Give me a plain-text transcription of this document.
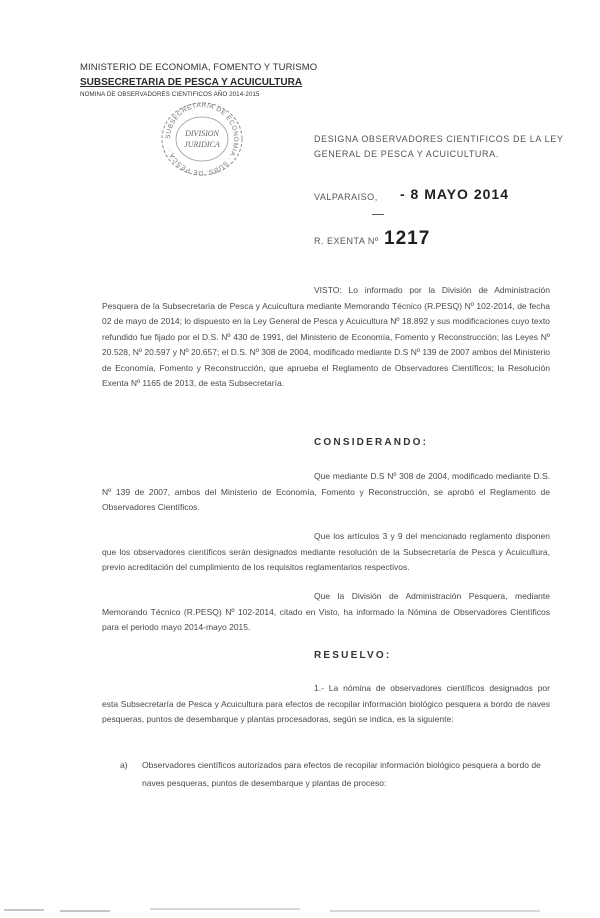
MINISTERIO DE ECONOMIA, FOMENTO Y TURISMO
SUBSECRETARIA DE PESCA Y ACUICULTURA
NOMINA DE OBSERVADORES CIENTIFICOS AÑO 2014-2015
SUBSECRETARIA DE ECONOMIA · SUBS. DE PESCA ·
DIVISION
JURIDICA
DESIGNA OBSERVADORES CIENTIFICOS DE LA LEY GENERAL DE PESCA Y ACUICULTURA.
VALPARAISO, - 8 MAYO 2014
R. EXENTA Nº 1217

VISTO: Lo informado por la División de Administración Pesquera de la Subsecretaría de Pesca y Acuicultura mediante Memorando Técnico (R.PESQ) Nº 102-2014, de fecha 02 de mayo de 2014; lo dispuesto en la Ley General de Pesca y Acuicultura Nº 18.892 y sus modificaciones cuyo texto refundido fue fijado por el D.S. Nº 430 de 1991, del Ministerio de Economía, Fomento y Reconstrucción; las Leyes Nº 20.528, Nº 20.597 y Nº 20.657; el D.S. Nº 308 de 2004, modificado mediante D.S Nº 139 de 2007 ambos del Ministerio de Economía, Fomento y Reconstrucción, que aprueba el Reglamento de Observadores Científicos; la Resolución Exenta Nº 1165 de 2013, de esta Subsecretaría.

CONSIDERANDO:

Que mediante D.S Nº 308 de 2004, modificado mediante D.S. Nº 139 de 2007, ambos del Ministerio de Economía, Fomento y Reconstrucción, se aprobó el Reglamento de Observadores Científicos.

Que los artículos 3 y 9 del mencionado reglamento disponen que los observadores científicos serán designados mediante resolución de la Subsecretaría de Pesca y Acuicultura, previo acreditación del cumplimiento de los requisitos reglamentarios respectivos.

Que la División de Administración Pesquera, mediante Memorando Técnico (R.PESQ) Nº 102-2014, citado en Visto, ha informado la Nómina de Observadores Científicos para el periodo mayo 2014-mayo 2015.

RESUELVO:

1.- La nómina de observadores científicos designados por esta Subsecretaría de Pesca y Acuicultura para efectos de recopilar información biológico pesquera a bordo de naves pesqueras, puntos de desembarque y plantas procesadoras, según se indica, es la siguiente:

a) Observadores científicos autorizados para efectos de recopilar información biológico pesquera a bordo de naves pesqueras, puntos de desembarque y plantas de proceso:
